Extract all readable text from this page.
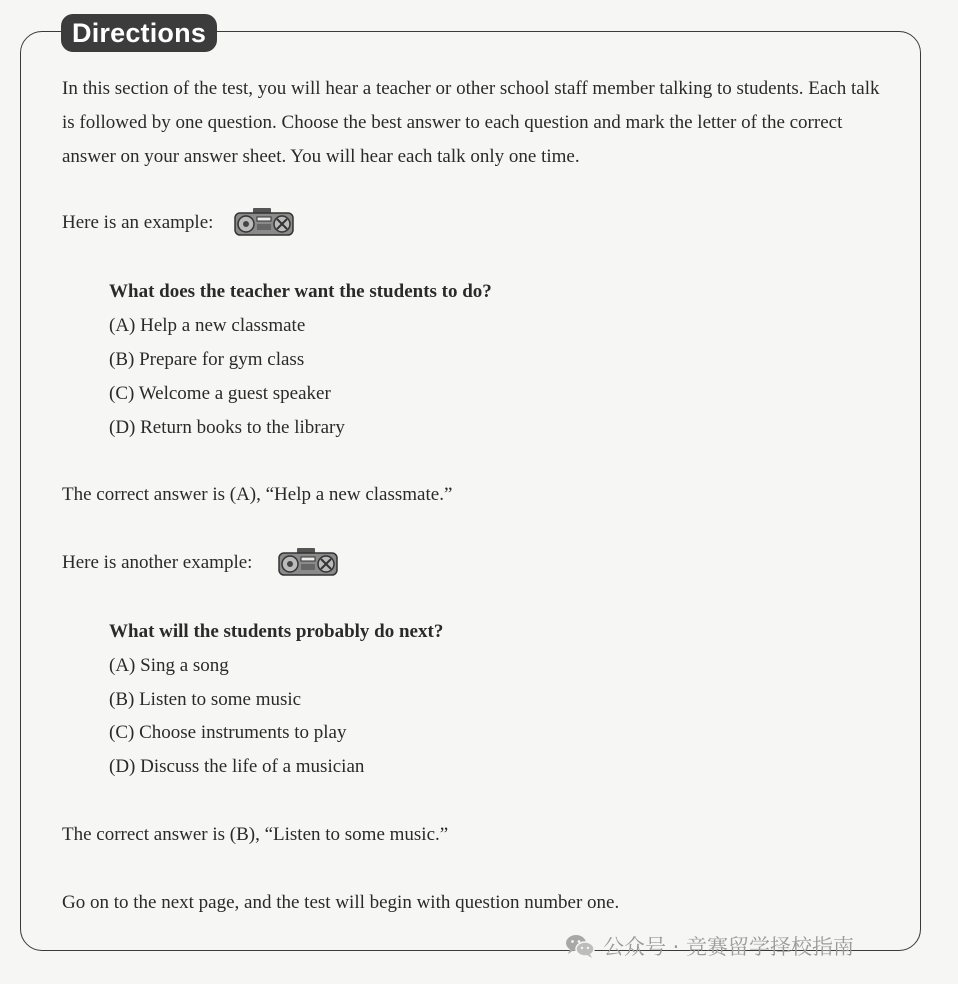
Directions

In this section of the test, you will hear a teacher or other school staff member talking to students. Each talk is followed by one question. Choose the best answer to each question and mark the letter of the correct answer on your answer sheet. You will hear each talk only one time.

Here is an example:
What does the teacher want the students to do?
(A) Help a new classmate
(B) Prepare for gym class
(C) Welcome a guest speaker
(D) Return books to the library
The correct answer is (A), “Help a new classmate.”
Here is another example:
What will the students probably do next?
(A) Sing a song
(B) Listen to some music
(C) Choose instruments to play
(D) Discuss the life of a musician
The correct answer is (B), “Listen to some music.”
Go on to the next page, and the test will begin with question number one.
公众号 · 竞赛留学择校指南
